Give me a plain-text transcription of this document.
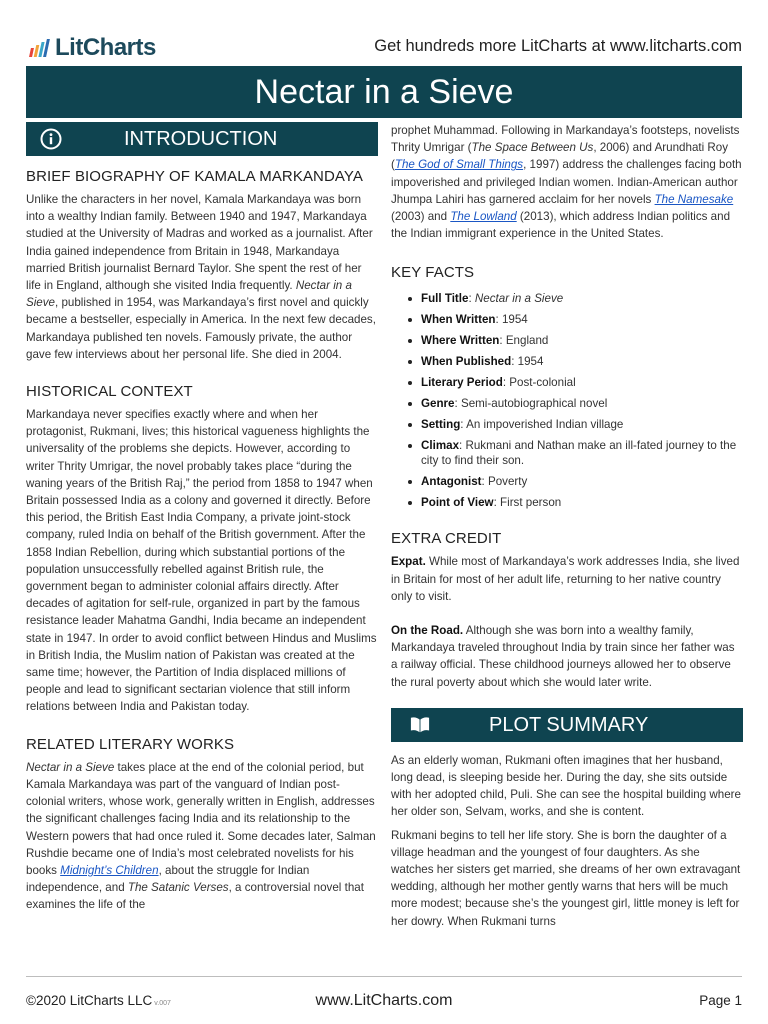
LitCharts	Get hundreds more LitCharts at www.litcharts.com
Nectar in a Sieve
INTRODUCTION
BRIEF BIOGRAPHY OF KAMALA MARKANDAYA

Unlike the characters in her novel, Kamala Markandaya was born into a wealthy Indian family. Between 1940 and 1947, Markandaya studied at the University of Madras and worked as a journalist. After India gained independence from Britain in 1948, Markandaya married British journalist Bernard Taylor. She spent the rest of her life in England, although she visited India frequently. Nectar in a Sieve, published in 1954, was Markandaya’s first novel and quickly became a bestseller, especially in America. In the next few decades, Markandaya published ten novels. Famously private, the author gave few interviews about her personal life. She died in 2004.

HISTORICAL CONTEXT

Markandaya never specifies exactly where and when her protagonist, Rukmani, lives; this historical vagueness highlights the universality of the problems she depicts. However, according to writer Thrity Umrigar, the novel probably takes place “during the waning years of the British Raj,” the period from 1858 to 1947 when Britain possessed India as a colony and governed it directly. Before this period, the British East India Company, a private joint-stock company, ruled India on behalf of the British government. After the 1858 Indian Rebellion, during which substantial portions of the population unsuccessfully rebelled against British rule, the government began to administer colonial affairs directly. After decades of agitation for self-rule, organized in part by the famous resistance leader Mahatma Gandhi, India became an independent state in 1947. In order to avoid conflict between Hindus and Muslims in British India, the Muslim nation of Pakistan was created at the same time; however, the Partition of India displaced millions of people and lead to significant sectarian violence that still inform relations between India and Pakistan today.

RELATED LITERARY WORKS

Nectar in a Sieve takes place at the end of the colonial period, but Kamala Markandaya was part of the vanguard of Indian post-colonial writers, whose work, generally written in English, addresses the significant challenges facing India and its relationship to the Western powers that had once ruled it. Some decades later, Salman Rushdie became one of India’s most celebrated novelists for his books Midnight’s Children, about the struggle for Indian independence, and The Satanic Verses, a controversial novel that examines the life of the

prophet Muhammad. Following in Markandaya’s footsteps, novelists Thrity Umrigar (The Space Between Us, 2006) and Arundhati Roy (The God of Small Things, 1997) address the challenges facing both impoverished and privileged Indian women. Indian-American author Jhumpa Lahiri has garnered acclaim for her novels The Namesake (2003) and The Lowland (2013), which address Indian politics and the Indian immigrant experience in the United States.

KEY FACTS
Full Title: Nectar in a Sieve
When Written: 1954
Where Written: England
When Published: 1954
Literary Period: Post-colonial
Genre: Semi-autobiographical novel
Setting: An impoverished Indian village
Climax: Rukmani and Nathan make an ill-fated journey to the city to find their son.
Antagonist: Poverty
Point of View: First person
EXTRA CREDIT

Expat. While most of Markandaya’s work addresses India, she lived in Britain for most of her adult life, returning to her native country only to visit.

On the Road. Although she was born into a wealthy family, Markandaya traveled throughout India by train since her father was a railway official. These childhood journeys allowed her to observe the rural poverty about which she would later write.

PLOT SUMMARY

As an elderly woman, Rukmani often imagines that her husband, long dead, is sleeping beside her. During the day, she sits outside with her adopted child, Puli. She can see the hospital building where her older son, Selvam, works, and she is content.

Rukmani begins to tell her life story. She is born the daughter of a village headman and the youngest of four daughters. As she watches her sisters get married, she dreams of her own extravagant wedding, although her mother gently warns that hers will be much more modest; because she’s the youngest girl, little money is left for her dowry. When Rukmani turns

©2020 LitCharts LLC v.007	www.LitCharts.com	Page 1
